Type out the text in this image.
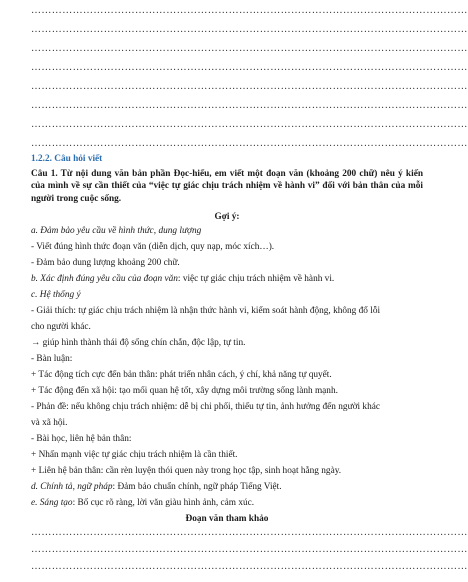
………………………………………………………………………………………………………………
………………………………………………………………………………………………………………
………………………………………………………………………………………………………………
………………………………………………………………………………………………………………
………………………………………………………………………………………………………………
………………………………………………………………………………………………………………
………………………………………………………………………………………………………………
………………………………………………………………………………………………………………
1.2.2. Câu hỏi viết
Câu 1. Từ nội dung văn bản phần Đọc-hiểu, em viết một đoạn văn (khoảng 200 chữ) nêu ý kiến của mình về sự cần thiết của “việc tự giác chịu trách nhiệm về hành vi” đối với bản thân của mỗi người trong cuộc sống.
Gợi ý:
a. Đảm bảo yêu cầu về hình thức, dung lượng
- Viết đúng hình thức đoạn văn (diễn dịch, quy nạp, móc xích…).
- Đảm bảo dung lượng khoảng 200 chữ.
b. Xác định đúng yêu cầu của đoạn văn: việc tự giác chịu trách nhiệm về hành vi.
c. Hệ thống ý
- Giải thích: tự giác chịu trách nhiệm là nhận thức hành vi, kiểm soát hành động, không đổ lỗi
cho người khác.
→ giúp hình thành thái độ sống chín chắn, độc lập, tự tin.
- Bàn luận:
+ Tác động tích cực đến bản thân: phát triển nhân cách, ý chí, khả năng tự quyết.
+ Tác động đến xã hội: tạo mối quan hệ tốt, xây dựng môi trường sống lành mạnh.
- Phản đề: nếu không chịu trách nhiệm: dễ bị chi phối, thiếu tự tin, ảnh hưởng đến người khác
và xã hội.
- Bài học, liên hệ bản thân:
+ Nhấn mạnh việc tự giác chịu trách nhiệm là cần thiết.
+ Liên hệ bản thân: cần rèn luyện thói quen này trong học tập, sinh hoạt hằng ngày.
d. Chính tả, ngữ pháp: Đảm bảo chuẩn chính, ngữ pháp Tiếng Việt.
e. Sáng tạo: Bố cục rõ ràng, lời văn giàu hình ảnh, cảm xúc.
Đoạn văn tham khảo
………………………………………………………………………………………………………………
………………………………………………………………………………………………………………
………………………………………………………………………………………………………………
